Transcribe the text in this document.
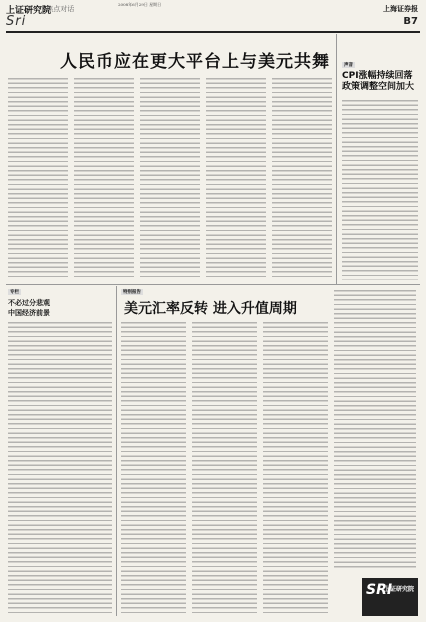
上证研究院
·焦点对话
2008年6月29日 星期日	上海证券报
Sri	B7
声音
CPI涨幅持续回落
政策调整空间加大
人民币应在更大平台上与美元共舞
专栏
不必过分悲观
中国经济前景
特别报告
美元汇率反转 进入升值周期
SRI
上证研究院
